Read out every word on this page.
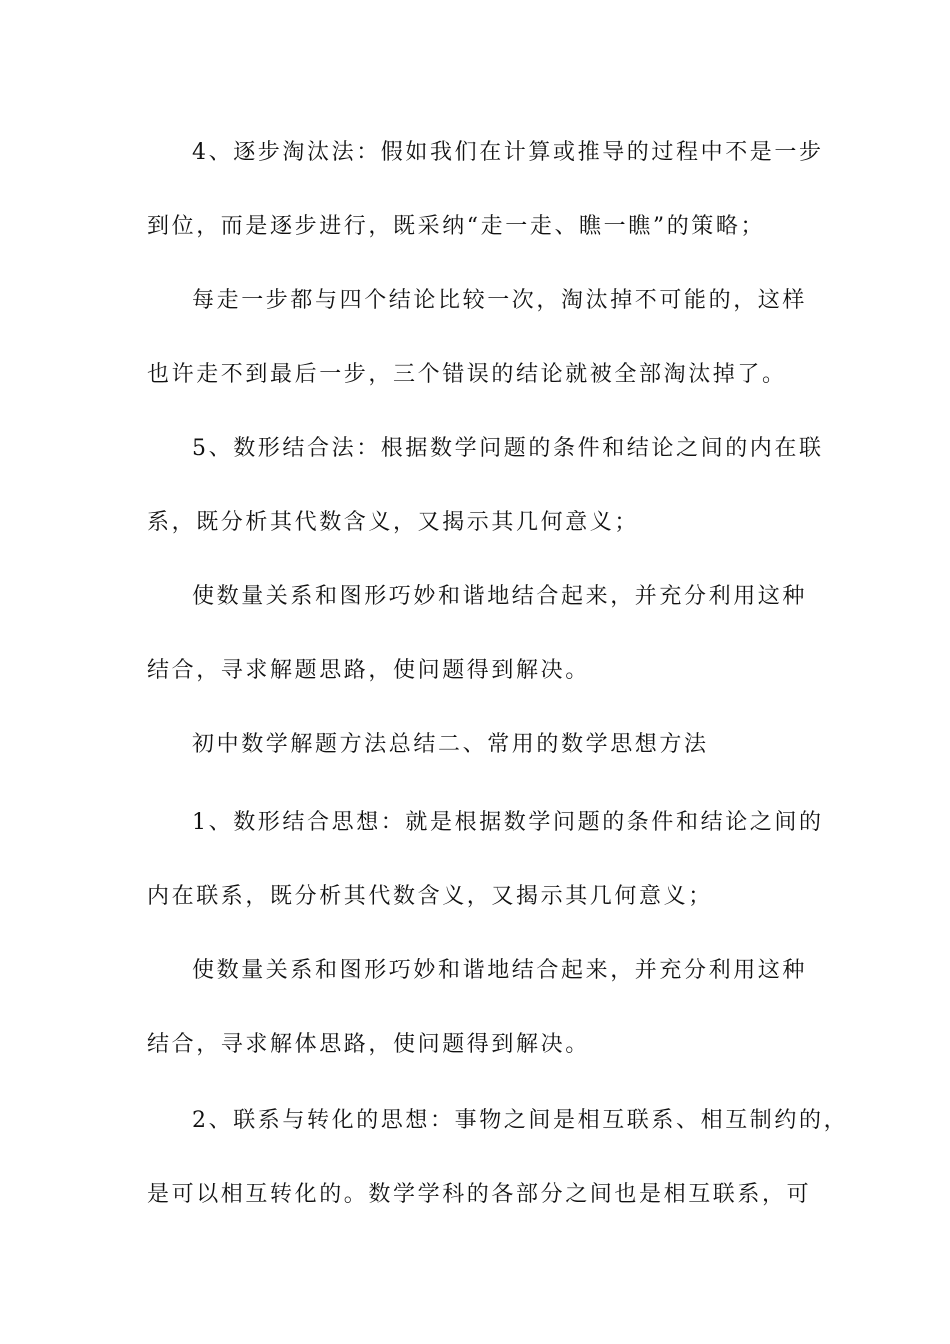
4、逐步淘汰法：假如我们在计算或推导的过程中不是一步
到位，而是逐步进行，既采纳“走一走、瞧一瞧”的策略；
每走一步都与四个结论比较一次，淘汰掉不可能的，这样
也许走不到最后一步，三个错误的结论就被全部淘汰掉了。
5、数形结合法：根据数学问题的条件和结论之间的内在联
系，既分析其代数含义，又揭示其几何意义；
使数量关系和图形巧妙和谐地结合起来，并充分利用这种
结合，寻求解题思路，使问题得到解决。
初中数学解题方法总结二、常用的数学思想方法
1、数形结合思想：就是根据数学问题的条件和结论之间的
内在联系，既分析其代数含义，又揭示其几何意义；
使数量关系和图形巧妙和谐地结合起来，并充分利用这种
结合，寻求解体思路，使问题得到解决。
2、联系与转化的思想：事物之间是相互联系、相互制约的，
是可以相互转化的。数学学科的各部分之间也是相互联系，可
